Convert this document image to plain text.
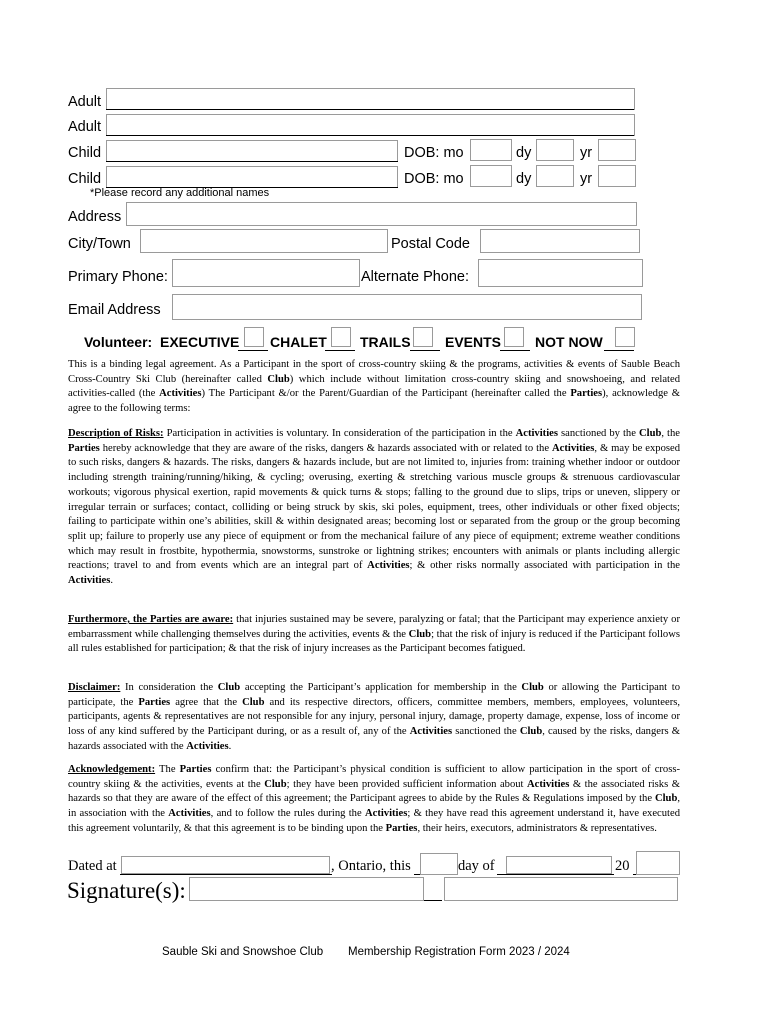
Adult
Adult
Child	DOB: mo	dy	yr
Child	DOB: mo	dy	yr
*Please record any additional names
Address
City/Town	Postal Code
Primary Phone:	Alternate Phone:
Email Address
Volunteer: EXECUTIVE CHALET TRAILS EVENTS NOT NOW
This is a binding legal agreement. As a Participant in the sport of cross-country skiing & the programs, activities & events of Sauble Beach Cross-Country Ski Club (hereinafter called Club) which include without limitation cross-country skiing and snowshoeing, and related activities-called (the Activities) The Participant &/or the Parent/Guardian of the Participant (hereinafter called the Parties), acknowledge & agree to the following terms:
Description of Risks: Participation in activities is voluntary. In consideration of the participation in the Activities sanctioned by the Club, the Parties hereby acknowledge that they are aware of the risks, dangers & hazards associated with or related to the Activities, & may be exposed to such risks, dangers & hazards. The risks, dangers & hazards include, but are not limited to, injuries from: training whether indoor or outdoor including strength training/running/hiking, & cycling; overusing, exerting & stretching various muscle groups & strenuous cardiovascular workouts; vigorous physical exertion, rapid movements & quick turns & stops; falling to the ground due to slips, trips or uneven, slippery or irregular terrain or surfaces; contact, colliding or being struck by skis, ski poles, equipment, trees, other individuals or other fixed objects; failing to participate within one’s abilities, skill & within designated areas; becoming lost or separated from the group or the group becoming split up; failure to properly use any piece of equipment or from the mechanical failure of any piece of equipment; extreme weather conditions which may result in frostbite, hypothermia, snowstorms, sunstroke or lightning strikes; encounters with animals or plants including allergic reactions; travel to and from events which are an integral part of Activities; & other risks normally associated with participation in the Activities.
Furthermore, the Parties are aware: that injuries sustained may be severe, paralyzing or fatal; that the Participant may experience anxiety or embarrassment while challenging themselves during the activities, events & the Club; that the risk of injury is reduced if the Participant follows all rules established for participation; & that the risk of injury increases as the Participant becomes fatigued.
Disclaimer: In consideration the Club accepting the Participant’s application for membership in the Club or allowing the Participant to participate, the Parties agree that the Club and its respective directors, officers, committee members, members, employees, volunteers, participants, agents & representatives are not responsible for any injury, personal injury, damage, property damage, expense, loss of income or loss of any kind suffered by the Participant during, or as a result of, any of the Activities sanctioned the Club, caused by the risks, dangers & hazards associated with the Activities.
Acknowledgement: The Parties confirm that: the Participant’s physical condition is sufficient to allow participation in the sport of cross-country skiing & the activities, events at the Club; they have been provided sufficient information about Activities & the associated risks & hazards so that they are aware of the effect of this agreement; the Participant agrees to abide by the Rules & Regulations imposed by the Club, in association with the Activities, and to follow the rules during the Activities; & they have read this agreement understand it, have executed this agreement voluntarily, & that this agreement is to be binding upon the Parties, their heirs, executors, administrators & representatives.
Dated at	, Ontario, this	day of	20
Signature(s):
Sauble Ski and Snowshoe Club Membership Registration Form 2023 / 2024
